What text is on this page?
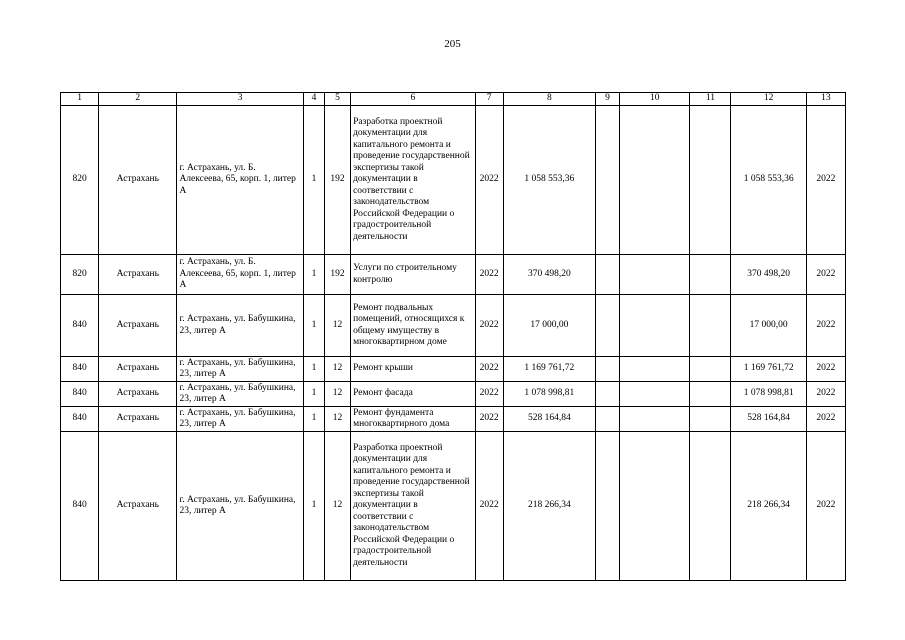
205
1	2	3	4	5	6	7	8	9	10	11	12	13
820	Астрахань	г. Астрахань, ул. Б. Алексеева, 65, корп. 1, литер А	1	192	Разработка проектной документации для капитального ремонта и проведение государственной экспертизы такой документации в соответствии с законодательством Российской Федерации о градостроительной деятельности	2022	1 058 553,36				1 058 553,36	2022
820	Астрахань	г. Астрахань, ул. Б. Алексеева, 65, корп. 1, литер А	1	192	Услуги по строительному контролю	2022	370 498,20				370 498,20	2022
840	Астрахань	г. Астрахань, ул. Бабушкина, 23, литер А	1	12	Ремонт подвальных помещений, относящихся к общему имуществу в многоквартирном доме	2022	17 000,00				17 000,00	2022
840	Астрахань	г. Астрахань, ул. Бабушкина, 23, литер А	1	12	Ремонт крыши	2022	1 169 761,72				1 169 761,72	2022
840	Астрахань	г. Астрахань, ул. Бабушкина, 23, литер А	1	12	Ремонт фасада	2022	1 078 998,81				1 078 998,81	2022
840	Астрахань	г. Астрахань, ул. Бабушкина, 23, литер А	1	12	Ремонт фундамента многоквартирного дома	2022	528 164,84				528 164,84	2022
840	Астрахань	г. Астрахань, ул. Бабушкина, 23, литер А	1	12	Разработка проектной документации для капитального ремонта и проведение государственной экспертизы такой документации в соответствии с законодательством Российской Федерации о градостроительной деятельности	2022	218 266,34				218 266,34	2022
